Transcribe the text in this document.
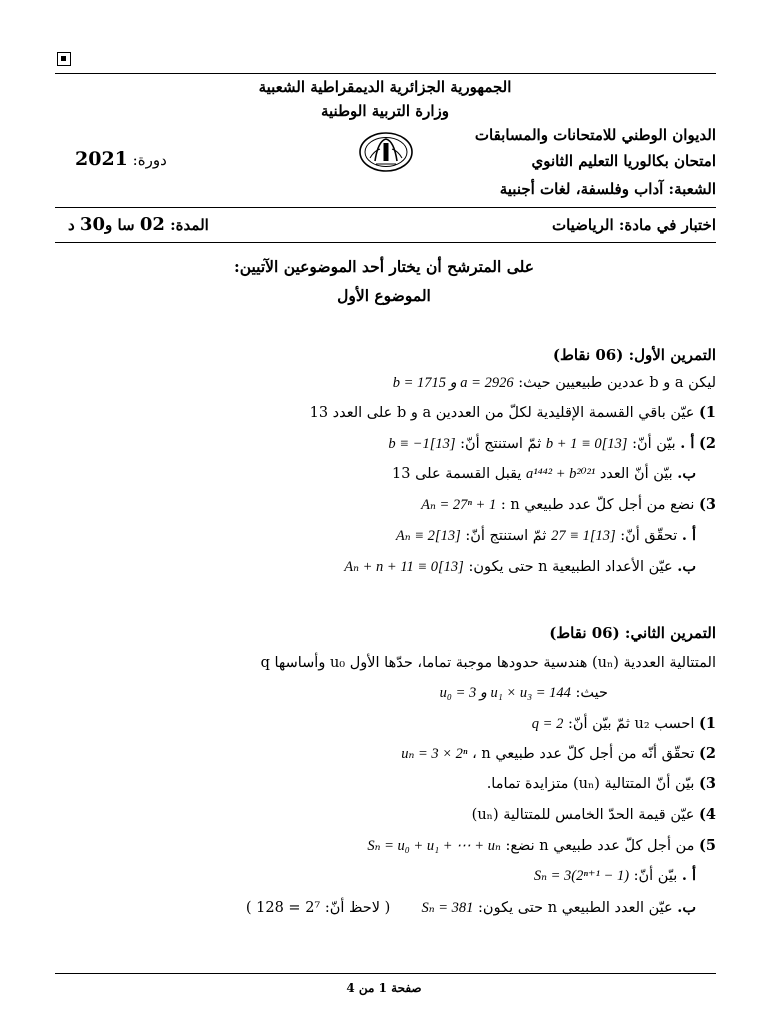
الجمهورية الجزائرية الديمقراطية الشعبية
وزارة التربية الوطنية
الديوان الوطني للامتحانات والمسابقات
امتحان بكالوريا التعليم الثانوي
الشعبة: آداب وفلسفة، لغات أجنبية
دورة: 2021
اختبار في مادة: الرياضيات
المدة: 02 سا و30 د
على المترشح أن يختار أحد الموضوعين الآتيين:
الموضوع الأول
التمرين الأول: (06 نقاط)
ليكن a و b عددين طبيعيين حيث: b = 1715 و a = 2926
1) عيّن باقي القسمة الإقليدية لكلّ من العددين a و b على العدد 13
2) أ . بيّن أنّ: b + 1 ≡ 0[13] ثمّ استنتج أنّ: b ≡ −1[13]
ب. بيّن أنّ العدد a¹⁴⁴² + b²⁰²¹ يقبل القسمة على 13
3) نضع من أجل كلّ عدد طبيعي n : Aₙ = 27ⁿ + 1
أ . تحقّق أنّ: 27 ≡ 1[13] ثمّ استنتج أنّ: Aₙ ≡ 2[13]
ب. عيّن الأعداد الطبيعية n حتى يكون: Aₙ + n + 11 ≡ 0[13]
التمرين الثاني: (06 نقاط)
المتتالية العددية (uₙ) هندسية حدودها موجبة تماما، حدّها الأول u₀ وأساسها q
حيث: u₀ = 3 و u₁ × u₃ = 144
1) احسب u₂ ثمّ بيّن أنّ: q = 2
2) تحقّق أنّه من أجل كلّ عدد طبيعي n ، uₙ = 3 × 2ⁿ
3) بيّن أنّ المتتالية (uₙ) متزايدة تماما.
4) عيّن قيمة الحدّ الخامس للمتتالية (uₙ)
5) من أجل كلّ عدد طبيعي n نضع: Sₙ = u₀ + u₁ + ⋯ + uₙ
أ . بيّن أنّ: Sₙ = 3(2ⁿ⁺¹ − 1)
ب. عيّن العدد الطبيعي n حتى يكون: Sₙ = 381  ( لاحظ أنّ: 2⁷ = 128 )
صفحة 1 من 4
